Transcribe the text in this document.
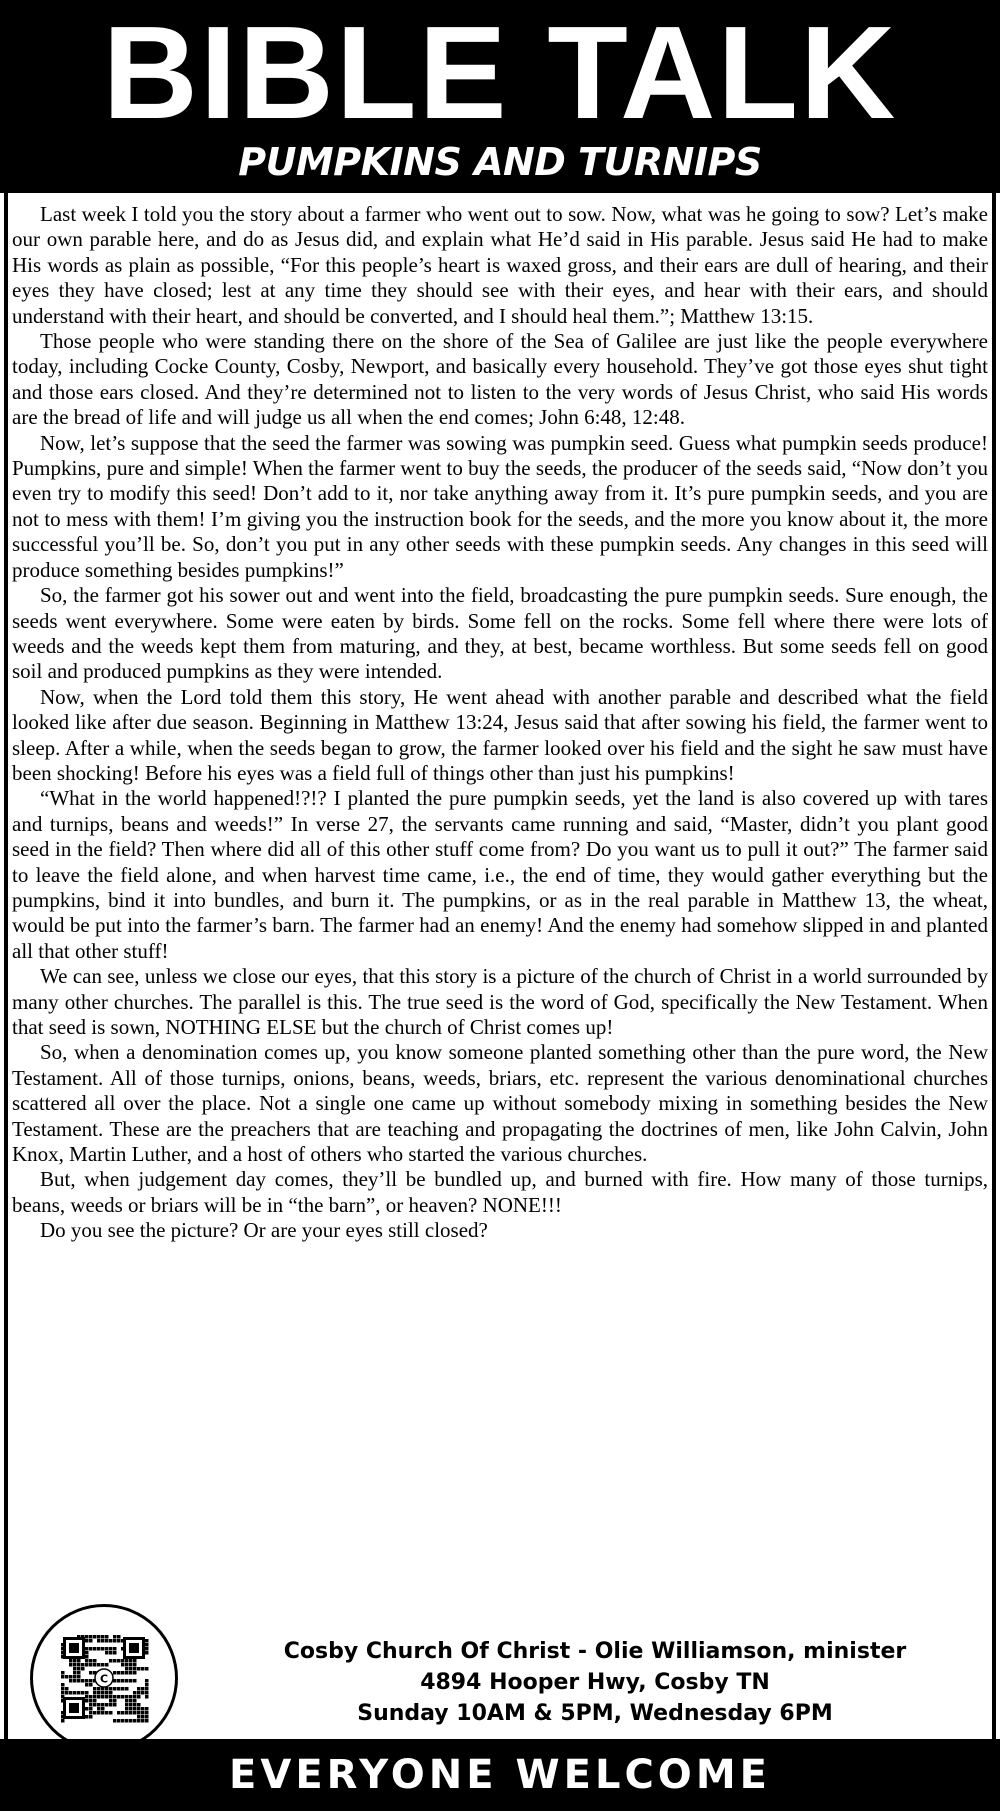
BIBLE TALK
PUMPKINS AND TURNIPS

Last week I told you the story about a farmer who went out to sow. Now, what was he going to sow? Let’s make our own parable here, and do as Jesus did, and explain what He’d said in His parable. Jesus said He had to make His words as plain as possible, “For this people’s heart is waxed gross, and their ears are dull of hearing, and their eyes they have closed; lest at any time they should see with their eyes, and hear with their ears, and should understand with their heart, and should be converted, and I should heal them.”; Matthew 13:15.

Those people who were standing there on the shore of the Sea of Galilee are just like the people everywhere today, including Cocke County, Cosby, Newport, and basically every household. They’ve got those eyes shut tight and those ears closed. And they’re determined not to listen to the very words of Jesus Christ, who said His words are the bread of life and will judge us all when the end comes; John 6:48, 12:48.

Now, let’s suppose that the seed the farmer was sowing was pumpkin seed. Guess what pumpkin seeds produce! Pumpkins, pure and simple! When the farmer went to buy the seeds, the producer of the seeds said, “Now don’t you even try to modify this seed! Don’t add to it, nor take anything away from it. It’s pure pumpkin seeds, and you are not to mess with them! I’m giving you the instruction book for the seeds, and the more you know about it, the more successful you’ll be. So, don’t you put in any other seeds with these pumpkin seeds. Any changes in this seed will produce something besides pumpkins!”

So, the farmer got his sower out and went into the field, broadcasting the pure pumpkin seeds. Sure enough, the seeds went everywhere. Some were eaten by birds. Some fell on the rocks. Some fell where there were lots of weeds and the weeds kept them from maturing, and they, at best, became worthless. But some seeds fell on good soil and produced pumpkins as they were intended.

Now, when the Lord told them this story, He went ahead with another parable and described what the field looked like after due season. Beginning in Matthew 13:24, Jesus said that after sowing his field, the farmer went to sleep. After a while, when the seeds began to grow, the farmer looked over his field and the sight he saw must have been shocking! Before his eyes was a field full of things other than just his pumpkins!

“What in the world happened!?!? I planted the pure pumpkin seeds, yet the land is also covered up with tares and turnips, beans and weeds!” In verse 27, the servants came running and said, “Master, didn’t you plant good seed in the field? Then where did all of this other stuff come from? Do you want us to pull it out?” The farmer said to leave the field alone, and when harvest time came, i.e., the end of time, they would gather everything but the pumpkins, bind it into bundles, and burn it. The pumpkins, or as in the real parable in Matthew 13, the wheat, would be put into the farmer’s barn. The farmer had an enemy! And the enemy had somehow slipped in and planted all that other stuff!

We can see, unless we close our eyes, that this story is a picture of the church of Christ in a world surrounded by many other churches. The parallel is this. The true seed is the word of God, specifically the New Testament. When that seed is sown, NOTHING ELSE but the church of Christ comes up!

So, when a denomination comes up, you know someone planted something other than the pure word, the New Testament. All of those turnips, onions, beans, weeds, briars, etc. represent the various denominational churches scattered all over the place. Not a single one came up without somebody mixing in something besides the New Testament. These are the preachers that are teaching and propagating the doctrines of men, like John Calvin, John Knox, Martin Luther, and a host of others who started the various churches.

But, when judgement day comes, they’ll be bundled up, and burned with fire. How many of those turnips, beans, weeds or briars will be in “the barn”, or heaven? NONE!!!

Do you see the picture? Or are your eyes still closed?

C
Cosby Church Of Christ - Olie Williamson, minister
4894 Hooper Hwy, Cosby TN
Sunday 10AM & 5PM, Wednesday 6PM
EVERYONE WELCOME
